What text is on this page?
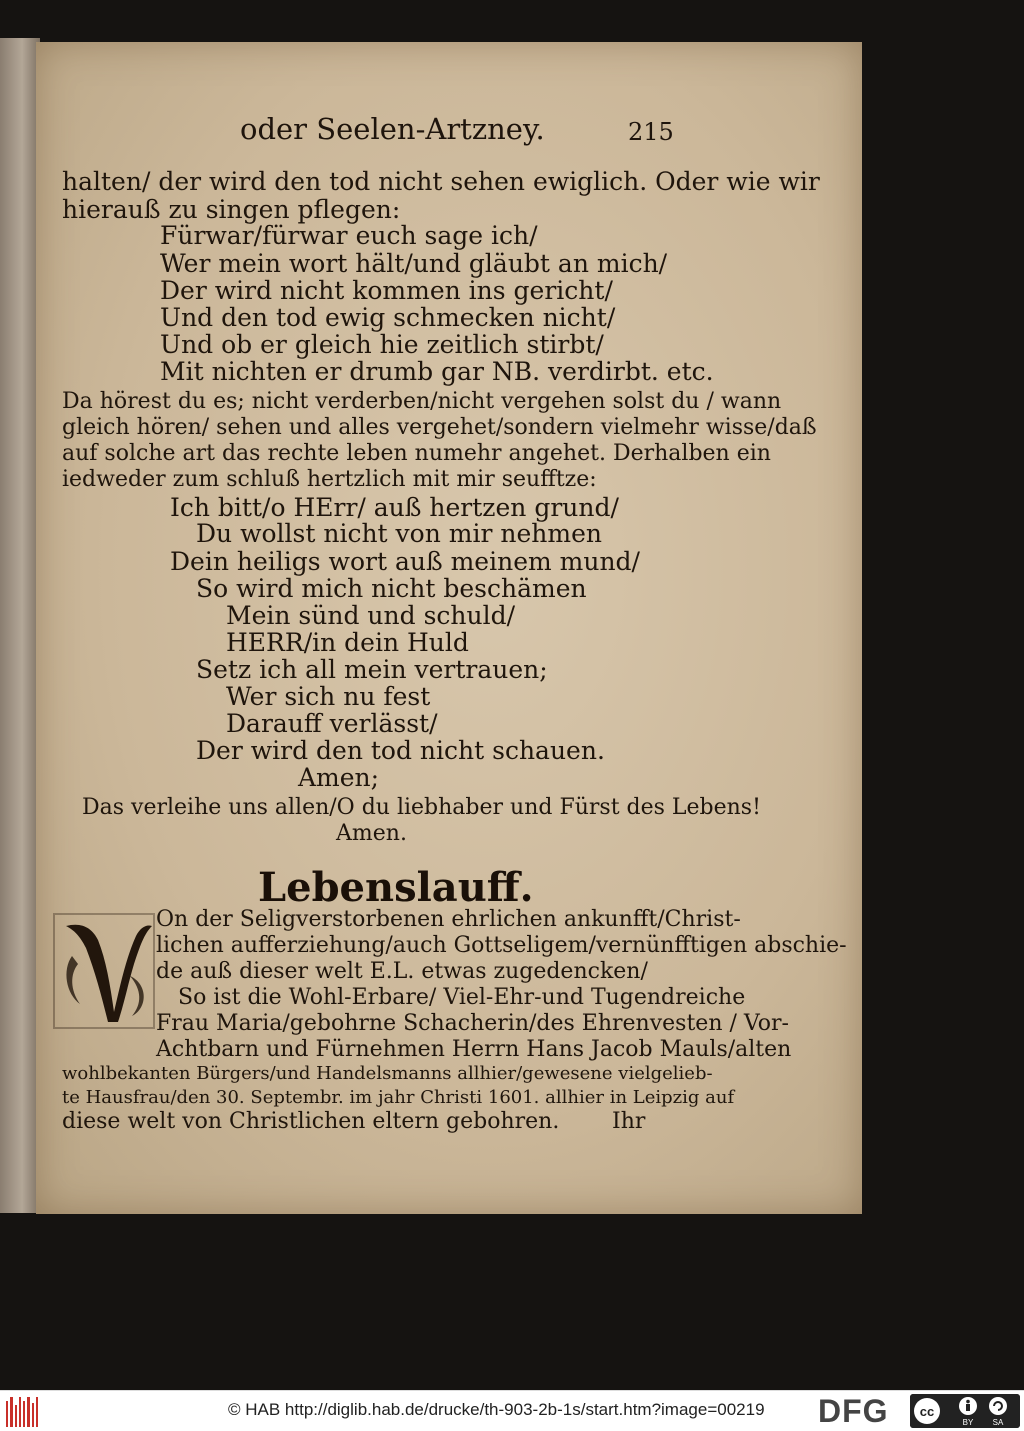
oder Seelen-Artzney.	215
halten/ der wird den tod nicht sehen ewiglich. Oder wie wir
hierauß zu singen pflegen:
Fürwar/fürwar euch sage ich/
Wer mein wort hält/und gläubt an mich/
Der wird nicht kommen ins gericht/
Und den tod ewig schmecken nicht/
Und ob er gleich hie zeitlich stirbt/
Mit nichten er drumb gar NB. verdirbt. etc.
Da hörest du es; nicht verderben/nicht vergehen solst du / wann
gleich hören/ sehen und alles vergehet/sondern vielmehr wisse/daß
auf solche art das rechte leben numehr angehet. Derhalben ein
iedweder zum schluß hertzlich mit mir seufftze:
Ich bitt/o HErr/ auß hertzen grund/
Du wollst nicht von mir nehmen
Dein heiligs wort auß meinem mund/
So wird mich nicht beschämen
Mein sünd und schuld/
HERR/in dein Huld
Setz ich all mein vertrauen;
Wer sich nu fest
Darauff verlässt/
Der wird den tod nicht schauen.
Amen;
Das verleihe uns allen/O du liebhaber und Fürst des Lebens!
Amen.
Lebenslauff.
On der Seligverstorbenen ehrlichen ankunfft/Christ-
lichen aufferziehung/auch Gottseligem/vernünfftigen abschie-
de auß dieser welt E.L. etwas zugedencken/
So ist die Wohl-Erbare/ Viel-Ehr-und Tugendreiche
Frau Maria/gebohrne Schacherin/des Ehrenvesten / Vor-
Achtbarn und Fürnehmen Herrn Hans Jacob Mauls/alten
wohlbekanten Bürgers/und Handelsmanns allhier/gewesene vielgelieb-
te Hausfrau/den 30. Septembr. im jahr Christi 1601. allhier in Leipzig auf
diese welt von Christlichen eltern gebohren. Ihr
© HAB http://diglib.hab.de/drucke/th-903-2b-1s/start.htm?image=00219 DFG cc
BY SA
